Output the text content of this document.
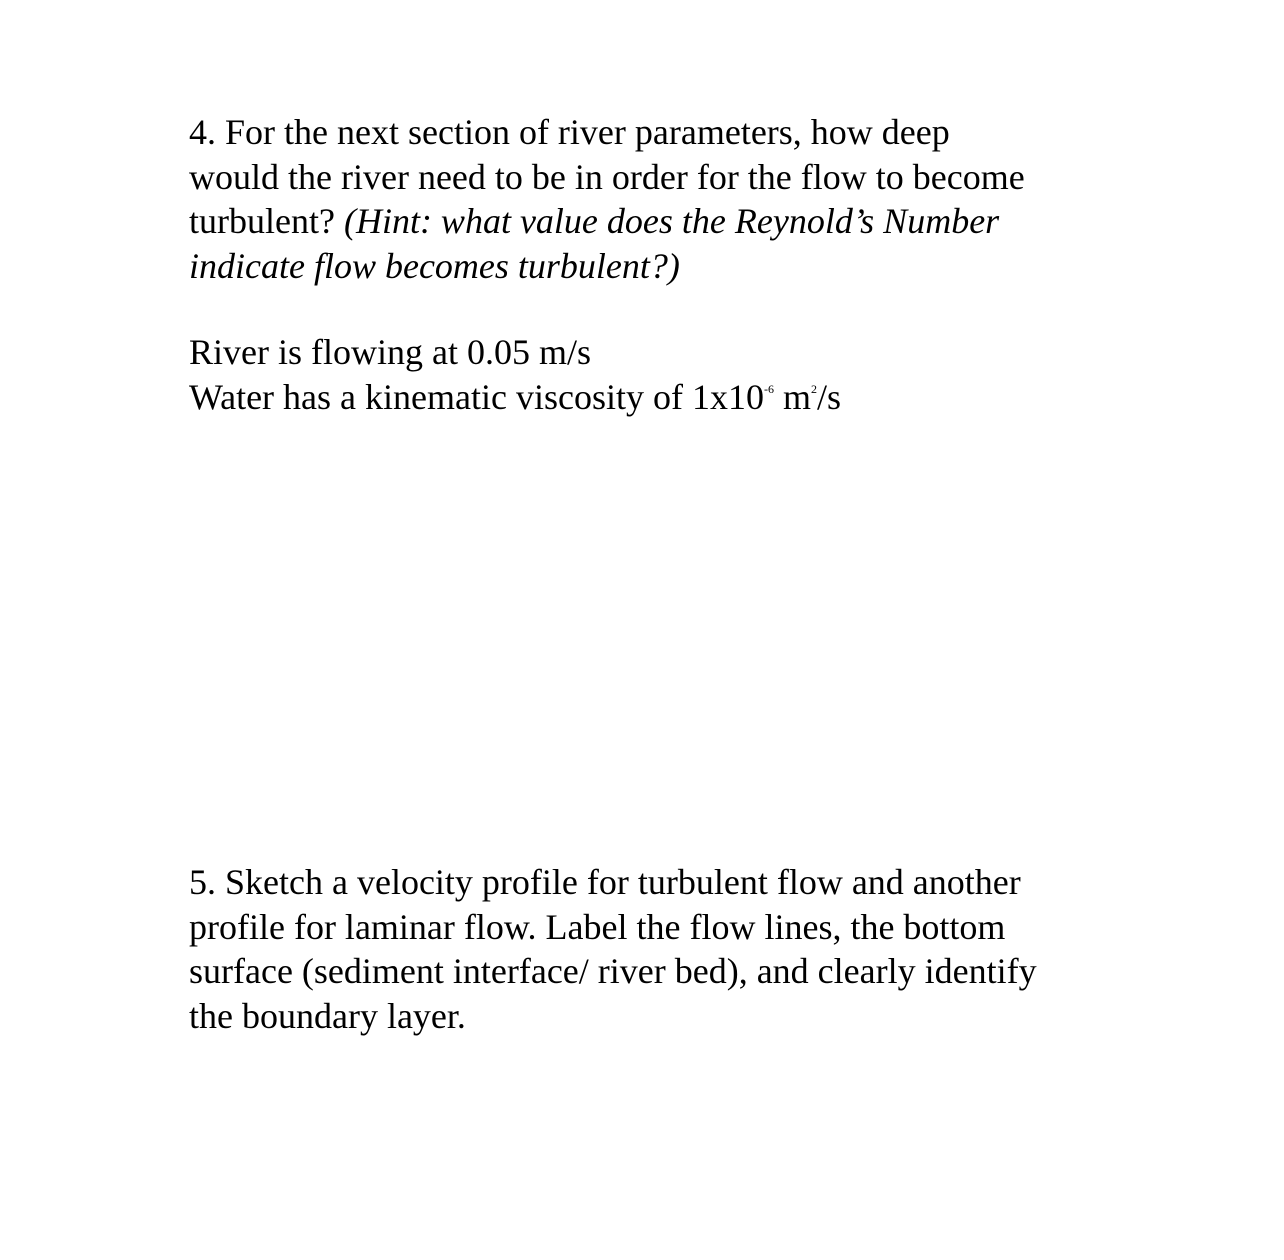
4. For the next section of river parameters, how deep
would the river need to be in order for the flow to become
turbulent? (Hint: what value does the Reynold’s Number
indicate flow becomes turbulent?)
River is flowing at 0.05 m/s
Water has a kinematic viscosity of $1x10^{-6}$ $m^2/s$
5. Sketch a velocity profile for turbulent flow and another
profile for laminar flow. Label the flow lines, the bottom
surface (sediment interface/ river bed), and clearly identify
the boundary layer.
